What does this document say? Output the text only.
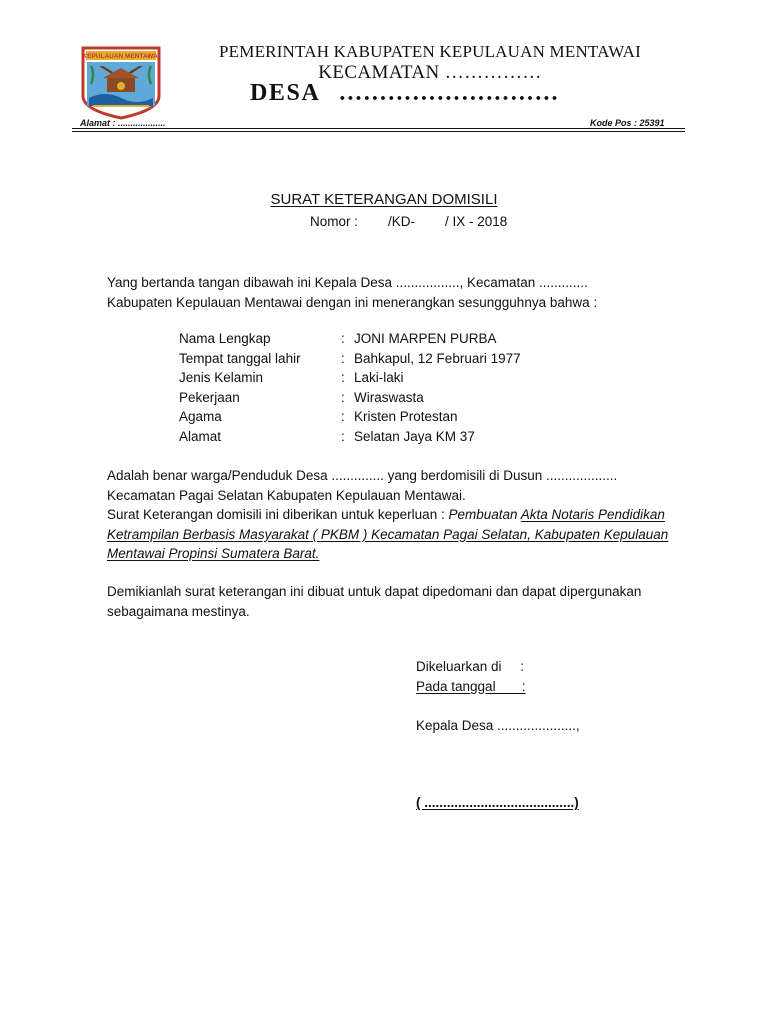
KEPULAUAN MENTAWAI	PEMERINTAH KABUPATEN KEPULAUAN MENTAWAI
KECAMATAN ……………
DESA ………………………
Alamat : ...................	Kode Pos : 25391
SURAT KETERANGAN DOMISILI
Nomor :        /KD-        / IX - 2018
Yang bertanda tangan dibawah ini Kepala Desa ................., Kecamatan .............
Kabupaten Kepulauan Mentawai dengan ini menerangkan sesungguhnya bahwa :
Nama Lengkap	: JONI MARPEN PURBA
Tempat tanggal lahir	: Bahkapul, 12 Februari 1977
Jenis Kelamin	: Laki-laki
Pekerjaan	: Wiraswasta
Agama	: Kristen Protestan
Alamat	: Selatan Jaya KM 37
Adalah benar warga/Penduduk Desa .............. yang berdomisili di Dusun ...................
Kecamatan Pagai Selatan Kabupaten Kepulauan Mentawai.
Surat Keterangan domisili ini diberikan untuk keperluan : Pembuatan Akta Notaris Pendidikan
Ketrampilan Berbasis Masyarakat ( PKBM ) Kecamatan Pagai Selatan, Kabupaten Kepulauan
Mentawai Propinsi Sumatera Barat.
Demikianlah surat keterangan ini dibuat untuk dapat dipedomani dan dapat dipergunakan
sebagaimana mestinya.
Dikeluarkan di     :
Pada tanggal       :
Kepala Desa .....................,
( ........................................)
